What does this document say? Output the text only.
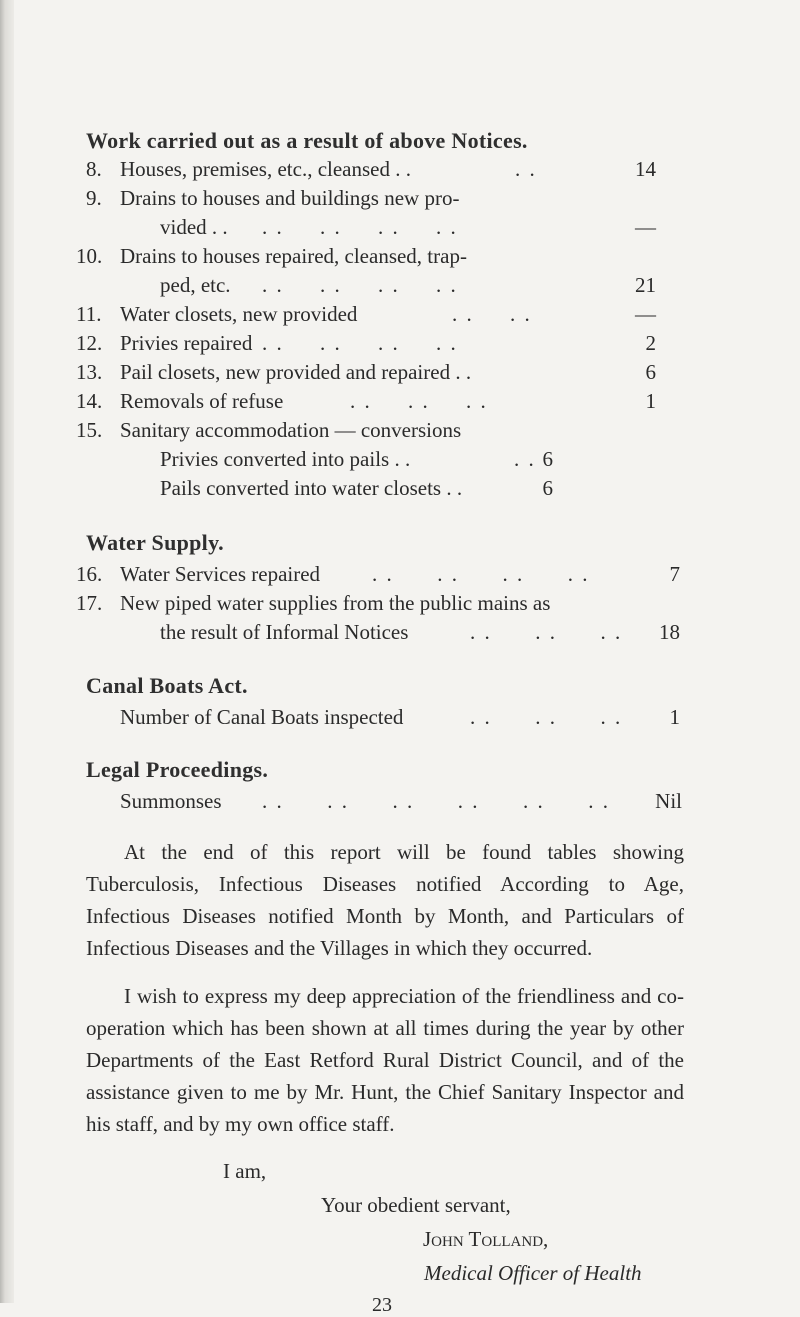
Work carried out as a result of above Notices.
8. Houses, premises, etc., cleansed . .	. .	14
9. Drains to houses and buildings new pro-
vided . . . .     . .     . .     . .	—
10. Drains to houses repaired, cleansed, trap-
ped, etc. . .     . .     . .     . .	21
11. Water closets, new provided	. .     . .	—
12. Privies repaired . .     . .     . .     . .	2
13. Pail closets, new provided and repaired . .	6
14. Removals of refuse	. .     . .     . .	1
15. Sanitary accommodation — conversions
Privies converted into pails . .	. . 6
Pails converted into water closets . .	6
Water Supply.
16. Water Services repaired . .      . .      . .      . .	7
17. New piped water supplies from the public mains as
the result of Informal Notices	. .      . .      . . 18
Canal Boats Act.
Number of Canal Boats inspected	. .      . .      . . 1
Legal Proceedings.
Summonses . .      . .      . .      . .      . .      . . Nil

At the end of this report will be found tables showing Tuberculosis, Infectious Diseases notified According to Age, Infectious Diseases notified Month by Month, and Particulars of Infectious Diseases and the Villages in which they occurred.

I wish to express my deep appreciation of the friendliness and co-operation which has been shown at all times during the year by other Departments of the East Retford Rural District Council, and of the assistance given to me by Mr. Hunt, the Chief Sanitary Inspector and his staff, and by my own office staff.

I am,
Your obedient servant,
John Tolland,
Medical Officer of Health
23
